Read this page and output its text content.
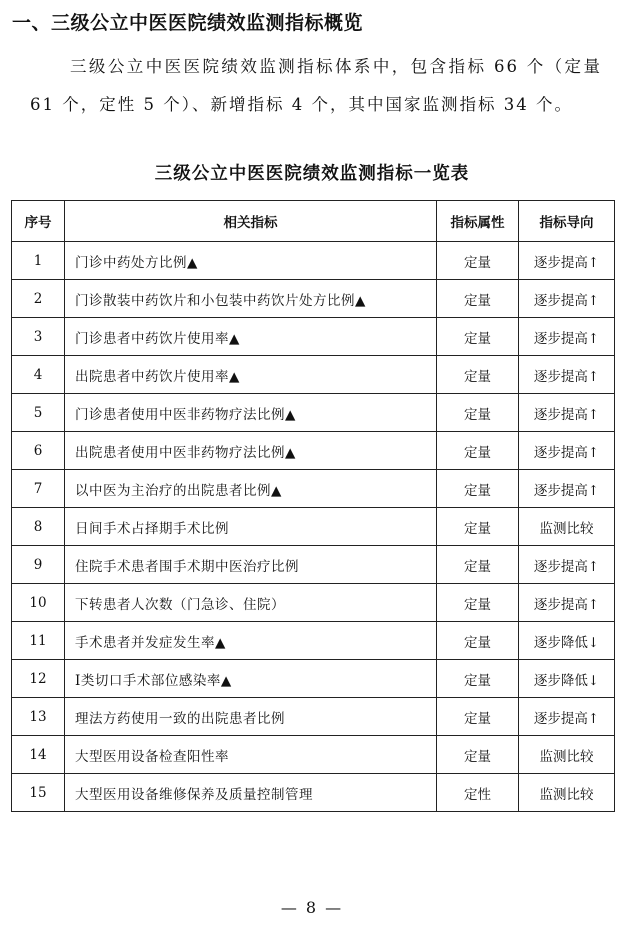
一、三级公立中医医院绩效监测指标概览

三级公立中医医院绩效监测指标体系中，包含指标 66 个（定量 61 个，定性 5 个）、新增指标 4 个，其中国家监测指标 34 个。

三级公立中医医院绩效监测指标一览表
序号	相关指标	指标属性	指标导向
1	门诊中药处方比例▲	定量	逐步提高↑
2	门诊散装中药饮片和小包装中药饮片处方比例▲	定量	逐步提高↑
3	门诊患者中药饮片使用率▲	定量	逐步提高↑
4	出院患者中药饮片使用率▲	定量	逐步提高↑
5	门诊患者使用中医非药物疗法比例▲	定量	逐步提高↑
6	出院患者使用中医非药物疗法比例▲	定量	逐步提高↑
7	以中医为主治疗的出院患者比例▲	定量	逐步提高↑
8	日间手术占择期手术比例	定量	监测比较
9	住院手术患者围手术期中医治疗比例	定量	逐步提高↑
10	下转患者人次数（门急诊、住院）	定量	逐步提高↑
11	手术患者并发症发生率▲	定量	逐步降低↓
12	Ⅰ类切口手术部位感染率▲	定量	逐步降低↓
13	理法方药使用一致的出院患者比例	定量	逐步提高↑
14	大型医用设备检查阳性率	定量	监测比较
15	大型医用设备维修保养及质量控制管理	定性	监测比较
— 8 —
